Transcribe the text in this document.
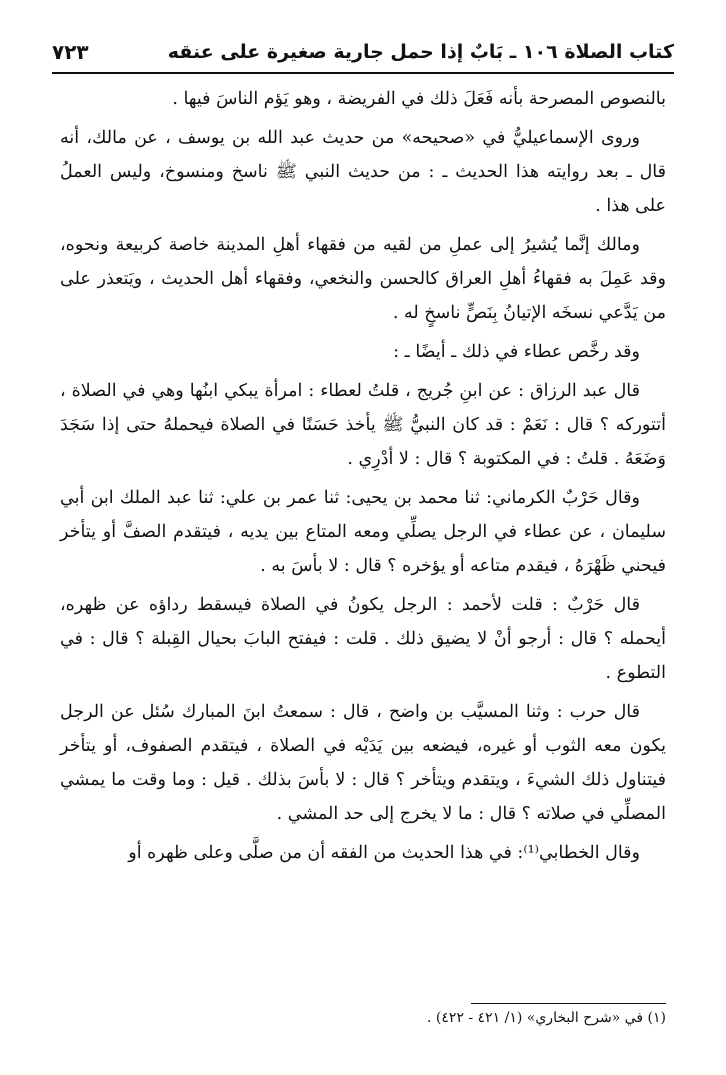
كتاب الصلاة ١٠٦ ـ بَابٌ إذا حمل جارية صغيرة على عنقه
٧٢٣

بالنصوص المصرحة بأنه فَعَلَ ذلك في الفريضة ، وهو يَؤم الناسَ فيها .

وروى الإسماعيليُّ في «صحيحه» من حديث عبد الله بن يوسف ، عن مالك، أنه قال ـ بعد روايته هذا الحديث ـ : من حديث النبي ﷺ ناسخ ومنسوخ، وليس العملُ على هذا .

ومالك إنَّما يُشيرُ إلى عملِ من لقيه من فقهاء أهلِ المدينة خاصة كربيعة ونحوه، وقد عَمِلَ به فقهاءُ أهلِ العراق كالحسن والنخعي، وفقهاء أهل الحديث ، ويَتعذر على من يَدَّعي نسخَه الإتيانُ بِنَصٍّ ناسخٍ له .

وقد رخَّص عطاء في ذلك ـ أيضًا ـ :

قال عبد الرزاق : عن ابنِ جُريج ، قلتُ لعطاء : امرأة يبكي ابنُها وهي في الصلاة ، أتتوركه ؟ قال : نَعَمْ : قد كان النبيُّ ﷺ يأخذ حَسَنًا في الصلاة فيحملهُ حتى إذا سَجَدَ وَضَعَهُ . قلتُ : في المكتوبة ؟ قال : لا أدْرِي .

وقال حَرْبٌ الكرماني: ثنا محمد بن يحيى: ثنا عمر بن علي: ثنا عبد الملك ابن أبي سليمان ، عن عطاء في الرجل يصلِّي ومعه المتاع بين يديه ، فيتقدم الصفَّ أو يتأخر فيحني ظَهْرَهُ ، فيقدم متاعه أو يؤخره ؟ قال : لا بأسَ به .

قال حَرْبٌ : قلت لأحمد : الرجل يكونُ في الصلاة فيسقط رداؤه عن ظهره، أيحمله ؟ قال : أرجو أنْ لا يضيق ذلك . قلت : فيفتح البابَ بحيال القِبلة ؟ قال : في التطوع .

قال حرب : وثنا المسيَّب بن واضح ، قال : سمعتُ ابنَ المبارك سُئل عن الرجل يكون معه الثوب أو غيره، فيضعه بين يَدَيْه في الصلاة ، فيتقدم الصفوف، أو يتأخر فيتناول ذلك الشيءَ ، ويتقدم ويتأخر ؟ قال : لا بأسَ بذلك . قيل : وما وقت ما يمشي المصلِّي في صلاته ؟ قال : ما لا يخرج إلى حد المشي .

وقال الخطابي⁽¹⁾: في هذا الحديث من الفقه أن من صلَّى وعلى ظهره أو

(١) في «شرح البخاري» (١/ ٤٢١ - ٤٢٢) .
